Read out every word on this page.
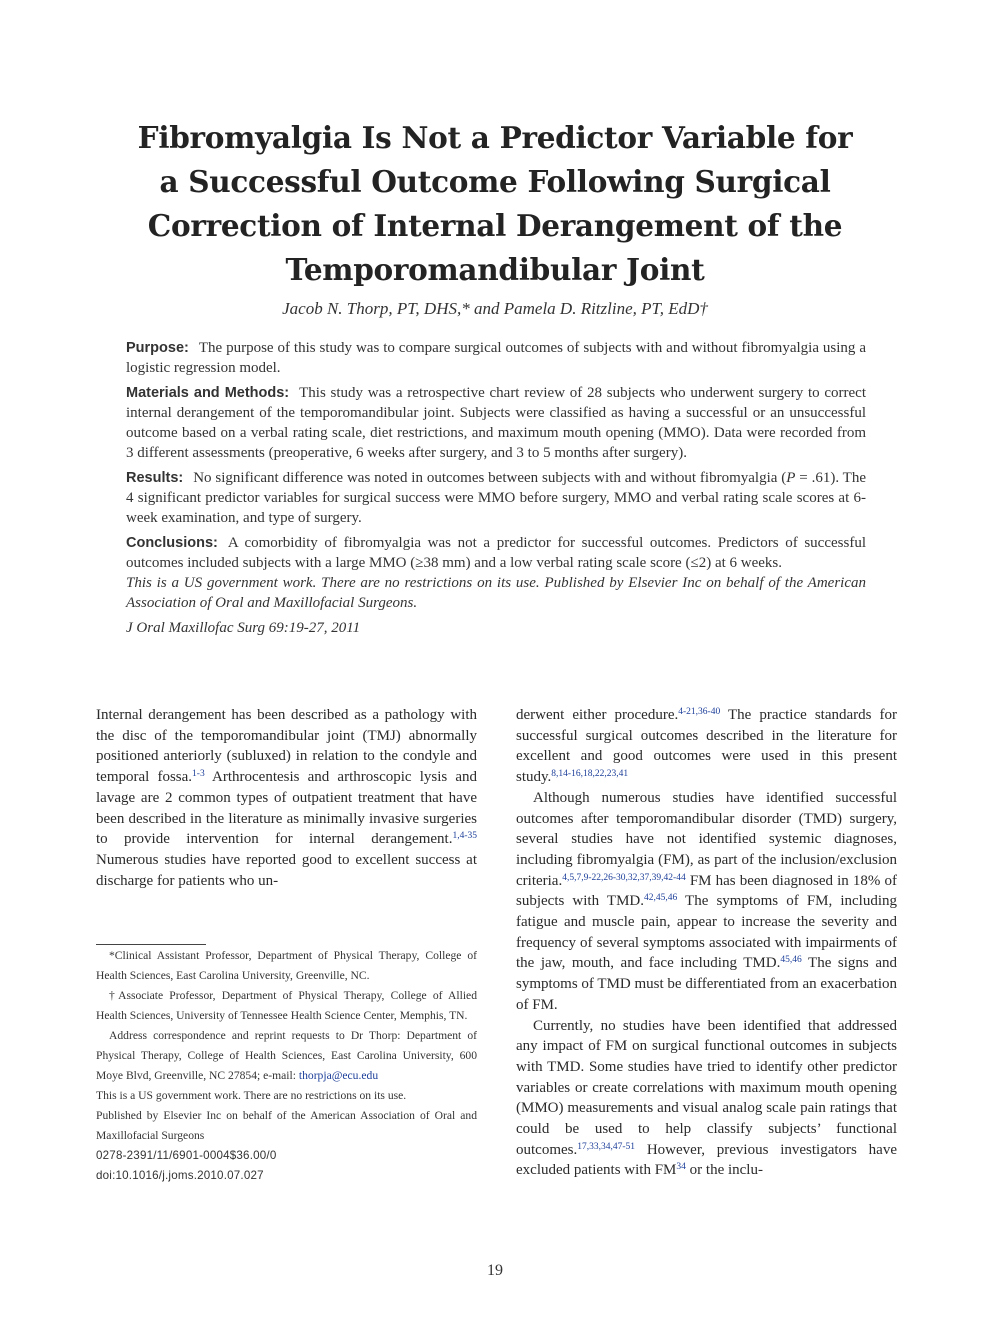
Fibromyalgia Is Not a Predictor Variable for
a Successful Outcome Following Surgical
Correction of Internal Derangement of the
Temporomandibular Joint
Jacob N. Thorp, PT, DHS,* and Pamela D. Ritzline, PT, EdD†

Purpose: The purpose of this study was to compare surgical outcomes of subjects with and without fibromyalgia using a logistic regression model.

Materials and Methods: This study was a retrospective chart review of 28 subjects who underwent surgery to correct internal derangement of the temporomandibular joint. Subjects were classified as having a successful or an unsuccessful outcome based on a verbal rating scale, diet restrictions, and maximum mouth opening (MMO). Data were recorded from 3 different assessments (preoperative, 6 weeks after surgery, and 3 to 5 months after surgery).

Results: No significant difference was noted in outcomes between subjects with and without fibromyalgia (P = .61). The 4 significant predictor variables for surgical success were MMO before surgery, MMO and verbal rating scale scores at 6-week examination, and type of surgery.

Conclusions: A comorbidity of fibromyalgia was not a predictor for successful outcomes. Predictors of successful outcomes included subjects with a large MMO (≥38 mm) and a low verbal rating scale score (≤2) at 6 weeks.

This is a US government work. There are no restrictions on its use. Published by Elsevier Inc on behalf of the American Association of Oral and Maxillofacial Surgeons.

J Oral Maxillofac Surg 69:19-27, 2011

Internal derangement has been described as a pathology with the disc of the temporomandibular joint (TMJ) abnormally positioned anteriorly (subluxed) in relation to the condyle and temporal fossa.$^{1-3}$ Arthrocentesis and arthroscopic lysis and lavage are 2 common types of outpatient treatment that have been described in the literature as minimally invasive surgeries to provide intervention for internal derangement.$^{1,4-35}$ Numerous studies have reported good to excellent success at discharge for patients who un-

*Clinical Assistant Professor, Department of Physical Therapy, College of Health Sciences, East Carolina University, Greenville, NC.

†Associate Professor, Department of Physical Therapy, College of Allied Health Sciences, University of Tennessee Health Science Center, Memphis, TN.

Address correspondence and reprint requests to Dr Thorp: Department of Physical Therapy, College of Health Sciences, East Carolina University, 600 Moye Blvd, Greenville, NC 27854; e-mail: thorpja@ecu.edu

This is a US government work. There are no restrictions on its use.

Published by Elsevier Inc on behalf of the American Association of Oral and Maxillofacial Surgeons

0278-2391/11/6901-0004$36.00/0

doi:10.1016/j.joms.2010.07.027

derwent either procedure.$^{4-21,36-40}$ The practice standards for successful surgical outcomes described in the literature for excellent and good outcomes were used in this present study.$^{8,14-16,18,22,23,41}$

Although numerous studies have identified successful outcomes after temporomandibular disorder (TMD) surgery, several studies have not identified systemic diagnoses, including fibromyalgia (FM), as part of the inclusion/exclusion criteria.$^{4,5,7,9-22,26-30,32,37,39,42-44}$ FM has been diagnosed in 18% of subjects with TMD.$^{42,45,46}$ The symptoms of FM, including fatigue and muscle pain, appear to increase the severity and frequency of several symptoms associated with impairments of the jaw, mouth, and face including TMD.$^{45,46}$ The signs and symptoms of TMD must be differentiated from an exacerbation of FM.

Currently, no studies have been identified that addressed any impact of FM on surgical functional outcomes in subjects with TMD. Some studies have tried to identify other predictor variables or create correlations with maximum mouth opening (MMO) measurements and visual analog scale pain ratings that could be used to help classify subjects’ functional outcomes.$^{17,33,34,47-51}$ However, previous investigators have excluded patients with FM$^{34}$ or the inclu-

19
